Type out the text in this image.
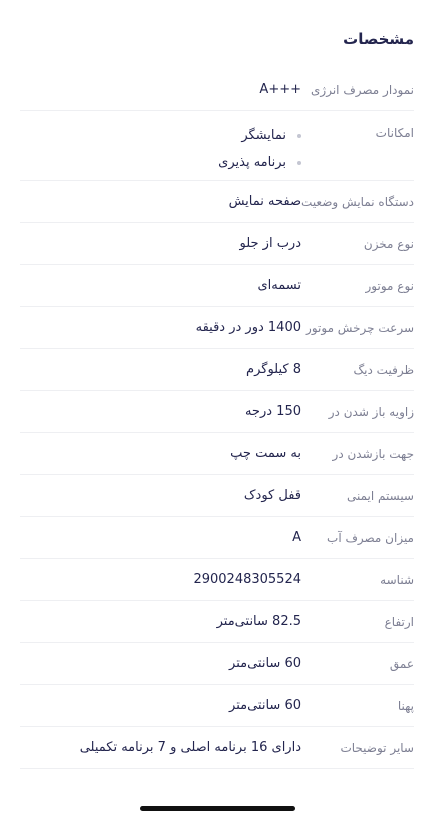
مشخصات
نمودار مصرف انرژی
A+++
امکانات
نمایشگر
برنامه پذیری
دستگاه نمایش وضعیت
صفحه نمایش
نوع مخزن
درب از جلو
نوع موتور
تسمه‌ای
سرعت چرخش موتور
1400 دور در دقیقه
ظرفیت دیگ
8 کیلوگرم
زاویه باز شدن در
150 درجه
جهت بازشدن در
به سمت چپ
سیستم ایمنی
قفل کودک
میزان مصرف آب
A
شناسه
2900248305524
ارتفاع
82.5 سانتی‌متر
عمق
60 سانتی‌متر
پهنا
60 سانتی‌متر
سایر توضیحات
دارای 16 برنامه اصلی و 7 برنامه تکمیلی
